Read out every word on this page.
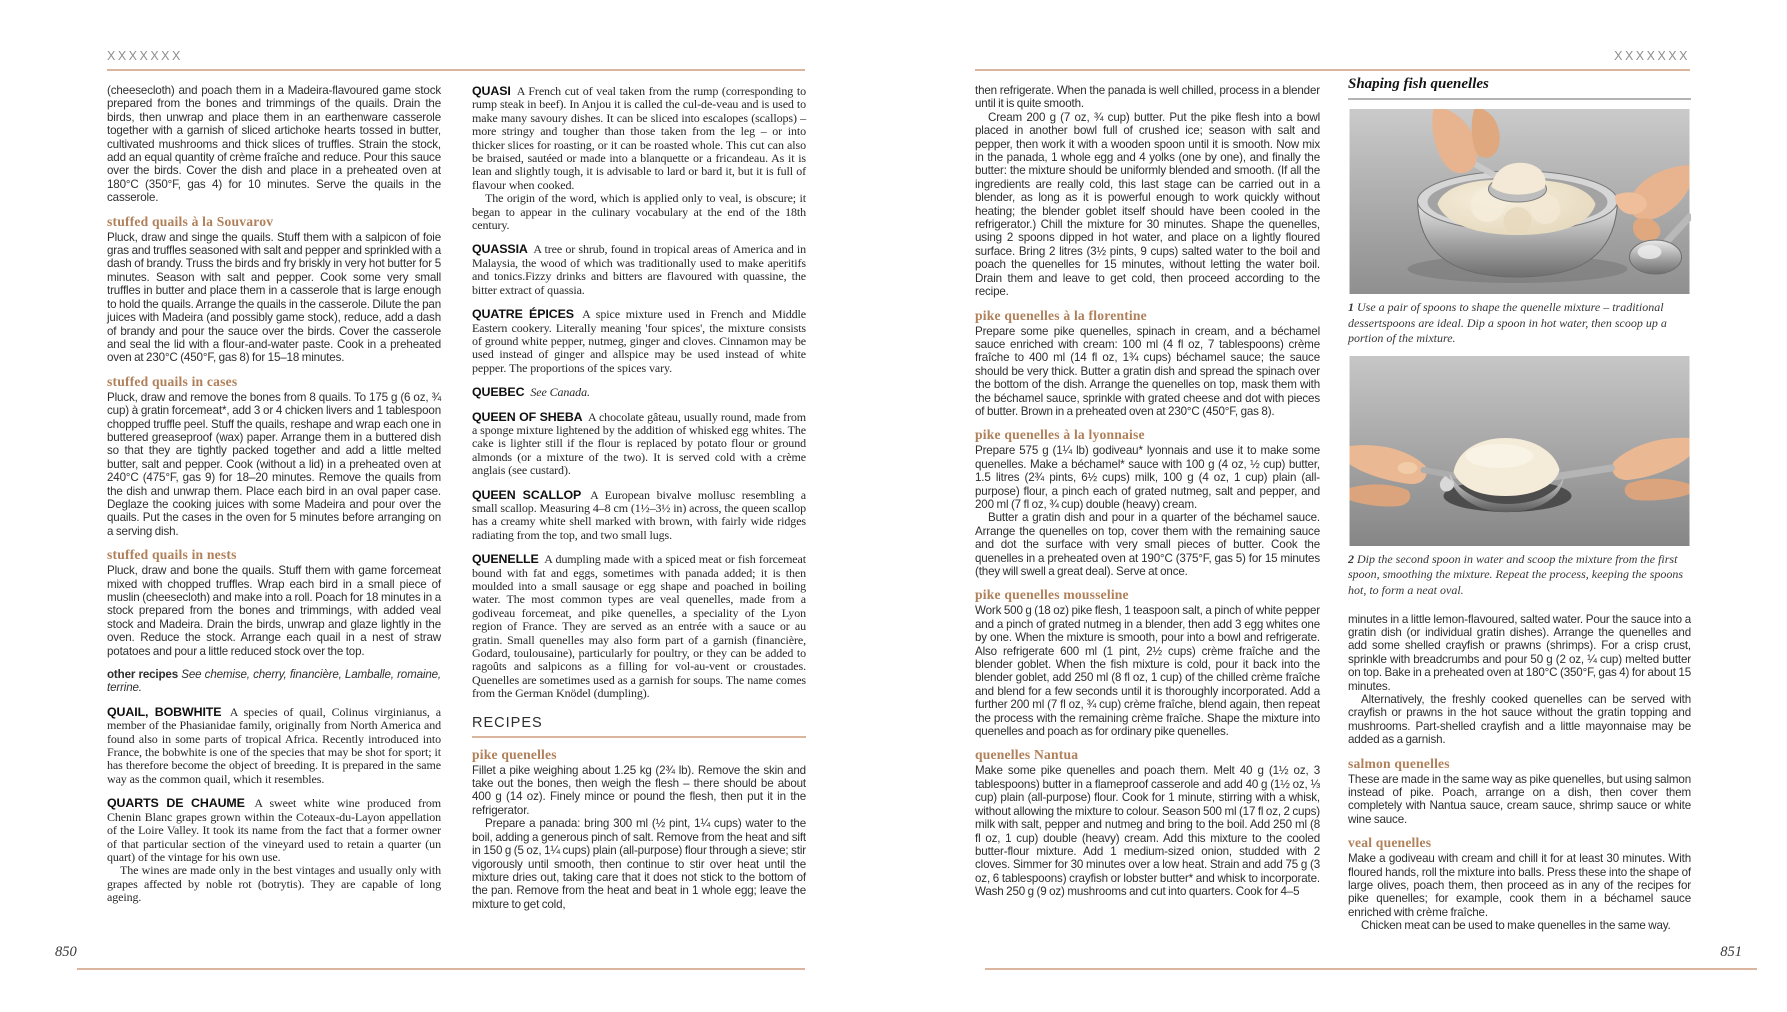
XXXXXXX	XXXXXXX

(cheesecloth) and poach them in a Madeira-flavoured game stock prepared from the bones and trimmings of the quails. Drain the birds, then unwrap and place them in an earthenware casserole together with a garnish of sliced artichoke hearts tossed in butter, cultivated mushrooms and thick slices of truffles. Strain the stock, add an equal quantity of crème fraîche and reduce. Pour this sauce over the birds. Cover the dish and place in a preheated oven at 180°C (350°F, gas 4) for 10 minutes. Serve the quails in the casserole.

stuffed quails à la Souvarov

Pluck, draw and singe the quails. Stuff them with a salpicon of foie gras and truffles seasoned with salt and pepper and sprinkled with a dash of brandy. Truss the birds and fry briskly in very hot butter for 5 minutes. Season with salt and pepper. Cook some very small truffles in butter and place them in a casserole that is large enough to hold the quails. Arrange the quails in the casserole. Dilute the pan juices with Madeira (and possibly game stock), reduce, add a dash of brandy and pour the sauce over the birds. Cover the casserole and seal the lid with a flour-and-water paste. Cook in a preheated oven at 230°C (450°F, gas 8) for 15–18 minutes.

stuffed quails in cases

Pluck, draw and remove the bones from 8 quails. To 175 g (6 oz, ¾ cup) à gratin forcemeat*, add 3 or 4 chicken livers and 1 tablespoon chopped truffle peel. Stuff the quails, reshape and wrap each one in buttered greaseproof (wax) paper. Arrange them in a buttered dish so that they are tightly packed together and add a little melted butter, salt and pepper. Cook (without a lid) in a preheated oven at 240°C (475°F, gas 9) for 18–20 minutes. Remove the quails from the dish and unwrap them. Place each bird in an oval paper case. Deglaze the cooking juices with some Madeira and pour over the quails. Put the cases in the oven for 5 minutes before arranging on a serving dish.

stuffed quails in nests

Pluck, draw and bone the quails. Stuff them with game forcemeat mixed with chopped truffles. Wrap each bird in a small piece of muslin (cheesecloth) and make into a roll. Poach for 18 minutes in a stock prepared from the bones and trimmings, with added veal stock and Madeira. Drain the birds, unwrap and glaze lightly in the oven. Reduce the stock. Arrange each quail in a nest of straw potatoes and pour a little reduced stock over the top.

other recipes See chemise, cherry, financière, Lamballe, romaine, terrine.

QUAIL, BOBWHITE A species of quail, Colinus virginianus, a member of the Phasianidae family, originally from North America and found also in some parts of tropical Africa. Recently introduced into France, the bobwhite is one of the species that may be shot for sport; it has therefore become the object of breeding. It is prepared in the same way as the common quail, which it resembles.

QUARTS DE CHAUME A sweet white wine produced from Chenin Blanc grapes grown within the Coteaux-du-Layon appellation of the Loire Valley. It took its name from the fact that a former owner of that particular section of the vineyard used to retain a quarter (un quart) of the vintage for his own use.

The wines are made only in the best vintages and usually only with grapes affected by noble rot (botrytis). They are capable of long ageing.

QUASI A French cut of veal taken from the rump (corresponding to rump steak in beef). In Anjou it is called the cul-de-veau and is used to make many savoury dishes. It can be sliced into escalopes (scallops) – more stringy and tougher than those taken from the leg – or into thicker slices for roasting, or it can be roasted whole. This cut can also be braised, sautéed or made into a blanquette or a fricandeau. As it is lean and slightly tough, it is advisable to lard or bard it, but it is full of flavour when cooked.

The origin of the word, which is applied only to veal, is obscure; it began to appear in the culinary vocabulary at the end of the 18th century.

QUASSIA A tree or shrub, found in tropical areas of America and in Malaysia, the wood of which was traditionally used to make aperitifs and tonics.Fizzy drinks and bitters are flavoured with quassine, the bitter extract of quassia.

QUATRE ÉPICES A spice mixture used in French and Middle Eastern cookery. Literally meaning 'four spices', the mixture consists of ground white pepper, nutmeg, ginger and cloves. Cinnamon may be used instead of ginger and allspice may be used instead of white pepper. The proportions of the spices vary.

QUEBEC See Canada.

QUEEN OF SHEBA A chocolate gâteau, usually round, made from a sponge mixture lightened by the addition of whisked egg whites. The cake is lighter still if the flour is replaced by potato flour or ground almonds (or a mixture of the two). It is served cold with a crème anglais (see custard).

QUEEN SCALLOP A European bivalve mollusc resembling a small scallop. Measuring 4–8 cm (1½–3½ in) across, the queen scallop has a creamy white shell marked with brown, with fairly wide ridges radiating from the top, and two small lugs.

QUENELLE A dumpling made with a spiced meat or fish forcemeat bound with fat and eggs, sometimes with panada added; it is then moulded into a small sausage or egg shape and poached in boiling water. The most common types are veal quenelles, made from a godiveau forcemeat, and pike quenelles, a speciality of the Lyon region of France. They are served as an entrée with a sauce or au gratin. Small quenelles may also form part of a garnish (financière, Godard, toulousaine), particularly for poultry, or they can be added to ragoûts and salpicons as a filling for vol-au-vent or croustades. Quenelles are sometimes used as a garnish for soups. The name comes from the German Knödel (dumpling).

RECIPES
pike quenelles

Fillet a pike weighing about 1.25 kg (2¾ lb). Remove the skin and take out the bones, then weigh the flesh – there should be about 400 g (14 oz). Finely mince or pound the flesh, then put it in the refrigerator.

Prepare a panada: bring 300 ml (½ pint, 1¼ cups) water to the boil, adding a generous pinch of salt. Remove from the heat and sift in 150 g (5 oz, 1¼ cups) plain (all-purpose) flour through a sieve; stir vigorously until smooth, then continue to stir over heat until the mixture dries out, taking care that it does not stick to the bottom of the pan. Remove from the heat and beat in 1 whole egg; leave the mixture to get cold,

then refrigerate. When the panada is well chilled, process in a blender until it is quite smooth.

Cream 200 g (7 oz, ¾ cup) butter. Put the pike flesh into a bowl placed in another bowl full of crushed ice; season with salt and pepper, then work it with a wooden spoon until it is smooth. Now mix in the panada, 1 whole egg and 4 yolks (one by one), and finally the butter: the mixture should be uniformly blended and smooth. (If all the ingredients are really cold, this last stage can be carried out in a blender, as long as it is powerful enough to work quickly without heating; the blender goblet itself should have been cooled in the refrigerator.) Chill the mixture for 30 minutes. Shape the quenelles, using 2 spoons dipped in hot water, and place on a lightly floured surface. Bring 2 litres (3½ pints, 9 cups) salted water to the boil and poach the quenelles for 15 minutes, without letting the water boil. Drain them and leave to get cold, then proceed according to the recipe.

pike quenelles à la florentine

Prepare some pike quenelles, spinach in cream, and a béchamel sauce enriched with cream: 100 ml (4 fl oz, 7 tablespoons) crème fraîche to 400 ml (14 fl oz, 1¾ cups) béchamel sauce; the sauce should be very thick. Butter a gratin dish and spread the spinach over the bottom of the dish. Arrange the quenelles on top, mask them with the béchamel sauce, sprinkle with grated cheese and dot with pieces of butter. Brown in a preheated oven at 230°C (450°F, gas 8).

pike quenelles à la lyonnaise

Prepare 575 g (1¼ lb) godiveau* lyonnais and use it to make some quenelles. Make a béchamel* sauce with 100 g (4 oz, ½ cup) butter, 1.5 litres (2¾ pints, 6½ cups) milk, 100 g (4 oz, 1 cup) plain (all-purpose) flour, a pinch each of grated nutmeg, salt and pepper, and 200 ml (7 fl oz, ¾ cup) double (heavy) cream.

Butter a gratin dish and pour in a quarter of the béchamel sauce. Arrange the quenelles on top, cover them with the remaining sauce and dot the surface with very small pieces of butter. Cook the quenelles in a preheated oven at 190°C (375°F, gas 5) for 15 minutes (they will swell a great deal). Serve at once.

pike quenelles mousseline

Work 500 g (18 oz) pike flesh, 1 teaspoon salt, a pinch of white pepper and a pinch of grated nutmeg in a blender, then add 3 egg whites one by one. When the mixture is smooth, pour into a bowl and refrigerate. Also refrigerate 600 ml (1 pint, 2½ cups) crème fraîche and the blender goblet. When the fish mixture is cold, pour it back into the blender goblet, add 250 ml (8 fl oz, 1 cup) of the chilled crème fraîche and blend for a few seconds until it is thoroughly incorporated. Add a further 200 ml (7 fl oz, ¾ cup) crème fraîche, blend again, then repeat the process with the remaining crème fraîche. Shape the mixture into quenelles and poach as for ordinary pike quenelles.

quenelles Nantua

Make some pike quenelles and poach them. Melt 40 g (1½ oz, 3 tablespoons) butter in a flameproof casserole and add 40 g (1½ oz, ⅓ cup) plain (all-purpose) flour. Cook for 1 minute, stirring with a whisk, without allowing the mixture to colour. Season 500 ml (17 fl oz, 2 cups) milk with salt, pepper and nutmeg and bring to the boil. Add 250 ml (8 fl oz, 1 cup) double (heavy) cream. Add this mixture to the cooled butter-flour mixture. Add 1 medium-sized onion, studded with 2 cloves. Simmer for 30 minutes over a low heat. Strain and add 75 g (3 oz, 6 tablespoons) crayfish or lobster butter* and whisk to incorporate. Wash 250 g (9 oz) mushrooms and cut into quarters. Cook for 4–5

Shaping fish quenelles

1 Use a pair of spoons to shape the quenelle mixture – traditional dessertspoons are ideal. Dip a spoon in hot water, then scoop up a portion of the mixture.

2 Dip the second spoon in water and scoop the mixture from the first spoon, smoothing the mixture. Repeat the process, keeping the spoons hot, to form a neat oval.

minutes in a little lemon-flavoured, salted water. Pour the sauce into a gratin dish (or individual gratin dishes). Arrange the quenelles and add some shelled crayfish or prawns (shrimps). For a crisp crust, sprinkle with breadcrumbs and pour 50 g (2 oz, ¼ cup) melted butter on top. Bake in a preheated oven at 180°C (350°F, gas 4) for about 15 minutes.

Alternatively, the freshly cooked quenelles can be served with crayfish or prawns in the hot sauce without the gratin topping and mushrooms. Part-shelled crayfish and a little mayonnaise may be added as a garnish.

salmon quenelles

These are made in the same way as pike quenelles, but using salmon instead of pike. Poach, arrange on a dish, then cover them completely with Nantua sauce, cream sauce, shrimp sauce or white wine sauce.

veal quenelles

Make a godiveau with cream and chill it for at least 30 minutes. With floured hands, roll the mixture into balls. Press these into the shape of large olives, poach them, then proceed as in any of the recipes for pike quenelles; for example, cook them in a béchamel sauce enriched with crème fraîche.

Chicken meat can be used to make quenelles in the same way.

850	851
